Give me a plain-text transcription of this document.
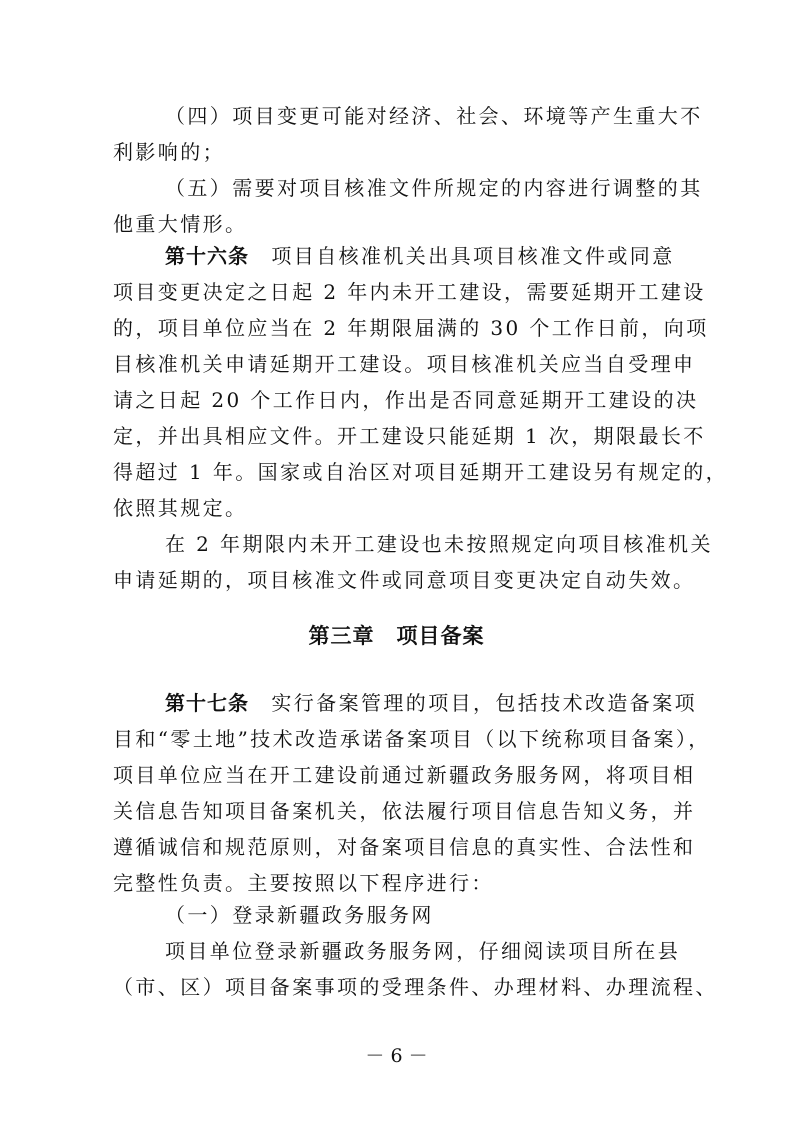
（四）项目变更可能对经济、社会、环境等产生重大不
利影响的；
（五）需要对项目核准文件所规定的内容进行调整的其
他重大情形。
第十六条　项目自核准机关出具项目核准文件或同意
项目变更决定之日起 2 年内未开工建设，需要延期开工建设
的，项目单位应当在 2 年期限届满的 30 个工作日前，向项
目核准机关申请延期开工建设。项目核准机关应当自受理申
请之日起 20 个工作日内，作出是否同意延期开工建设的决
定，并出具相应文件。开工建设只能延期 1 次，期限最长不
得超过 1 年。国家或自治区对项目延期开工建设另有规定的，
依照其规定。
在 2 年期限内未开工建设也未按照规定向项目核准机关
申请延期的，项目核准文件或同意项目变更决定自动失效。
第三章　项目备案
第十七条　实行备案管理的项目，包括技术改造备案项
目和“零土地”技术改造承诺备案项目（以下统称项目备案），
项目单位应当在开工建设前通过新疆政务服务网，将项目相
关信息告知项目备案机关，依法履行项目信息告知义务，并
遵循诚信和规范原则，对备案项目信息的真实性、合法性和
完整性负责。主要按照以下程序进行：
（一）登录新疆政务服务网
项目单位登录新疆政务服务网，仔细阅读项目所在县
（市、区）项目备案事项的受理条件、办理材料、办理流程、
－ 6 －
